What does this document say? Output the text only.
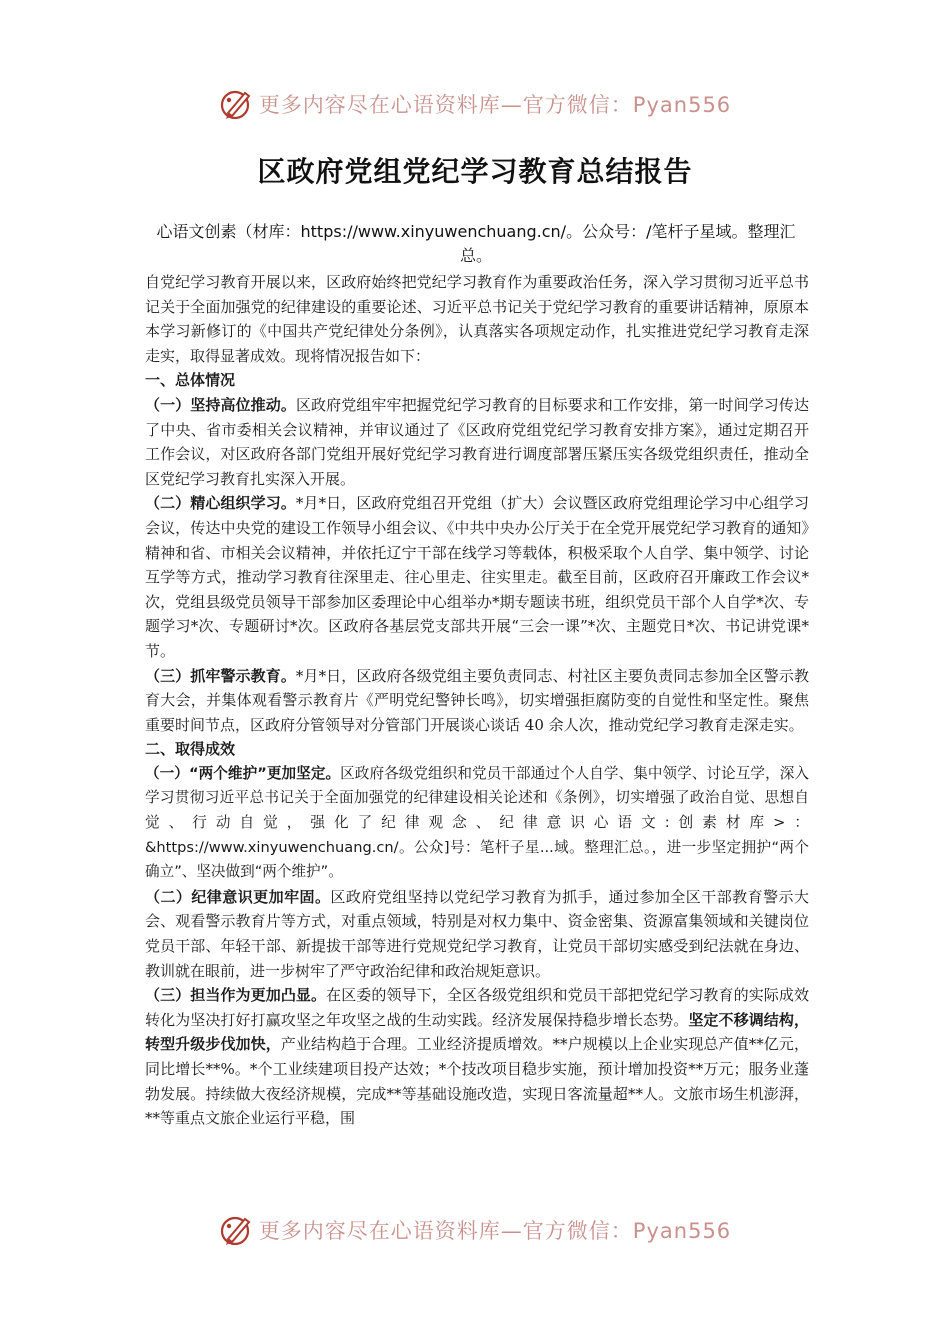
更多内容尽在心语资料库—官方微信：Pyan556
区政府党组党纪学习教育总结报告
心语文创素（材库：https://www.xinyuwenchuang.cn/。公众号：/笔杆子星域。整理汇总。

自党纪学习教育开展以来，区政府始终把党纪学习教育作为重要政治任务，深入学习贯彻习近平总书记关于全面加强党的纪律建设的重要论述、习近平总书记关于党纪学习教育的重要讲话精神，原原本本学习新修订的《中国共产党纪律处分条例》，认真落实各项规定动作，扎实推进党纪学习教育走深走实，取得显著成效。现将情况报告如下：

一、总体情况

（一）坚持高位推动。区政府党组牢牢把握党纪学习教育的目标要求和工作安排，第一时间学习传达了中央、省市委相关会议精神，并审议通过了《区政府党组党纪学习教育安排方案》，通过定期召开工作会议，对区政府各部门党组开展好党纪学习教育进行调度部署压紧压实各级党组织责任，推动全区党纪学习教育扎实深入开展。

（二）精心组织学习。*月*日，区政府党组召开党组（扩大）会议暨区政府党组理论学习中心组学习会议，传达中央党的建设工作领导小组会议、《中共中央办公厅关于在全党开展党纪学习教育的通知》精神和省、市相关会议精神，并依托辽宁干部在线学习等载体，积极采取个人自学、集中领学、讨论互学等方式，推动学习教育往深里走、往心里走、往实里走。截至目前，区政府召开廉政工作会议*次，党组县级党员领导干部参加区委理论中心组举办*期专题读书班，组织党员干部个人自学*次、专题学习*次、专题研讨*次。区政府各基层党支部共开展“三会一课”*次、主题党日*次、书记讲党课*节。

（三）抓牢警示教育。*月*日，区政府各级党组主要负责同志、村社区主要负责同志参加全区警示教育大会，并集体观看警示教育片《严明党纪警钟长鸣》，切实增强拒腐防变的自觉性和坚定性。聚焦重要时间节点，区政府分管领导对分管部门开展谈心谈话 40 余人次，推动党纪学习教育走深走实。

二、取得成效

（一）“两个维护”更加坚定。区政府各级党组织和党员干部通过个人自学、集中领学、讨论互学，深入学习贯彻习近平总书记关于全面加强党的纪律建设相关论述和《条例》，切实增强了政治自觉、思想自觉、行动自觉，强化了纪律观念、纪律意识心语文:创素材库>：&https://www.xinyuwenchuang.cn/。公众]号：笔杆子星...域。整理汇总。，进一步坚定拥护“两个确立”、坚决做到“两个维护”。

（二）纪律意识更加牢固。区政府党组坚持以党纪学习教育为抓手，通过参加全区干部教育警示大会、观看警示教育片等方式，对重点领域，特别是对权力集中、资金密集、资源富集领域和关键岗位党员干部、年轻干部、新提拔干部等进行党规党纪学习教育，让党员干部切实感受到纪法就在身边、教训就在眼前，进一步树牢了严守政治纪律和政治规矩意识。

（三）担当作为更加凸显。在区委的领导下，全区各级党组织和党员干部把党纪学习教育的实际成效转化为坚决打好打赢攻坚之年攻坚之战的生动实践。经济发展保持稳步增长态势。坚定不移调结构，转型升级步伐加快，产业结构趋于合理。工业经济提质增效。**户规模以上企业实现总产值**亿元，同比增长**%。*个工业续建项目投产达效；*个技改项目稳步实施，预计增加投资**万元；服务业蓬勃发展。持续做大夜经济规模，完成**等基础设施改造，实现日客流量超**人。文旅市场生机澎湃，**等重点文旅企业运行平稳，围

更多内容尽在心语资料库—官方微信：Pyan556
